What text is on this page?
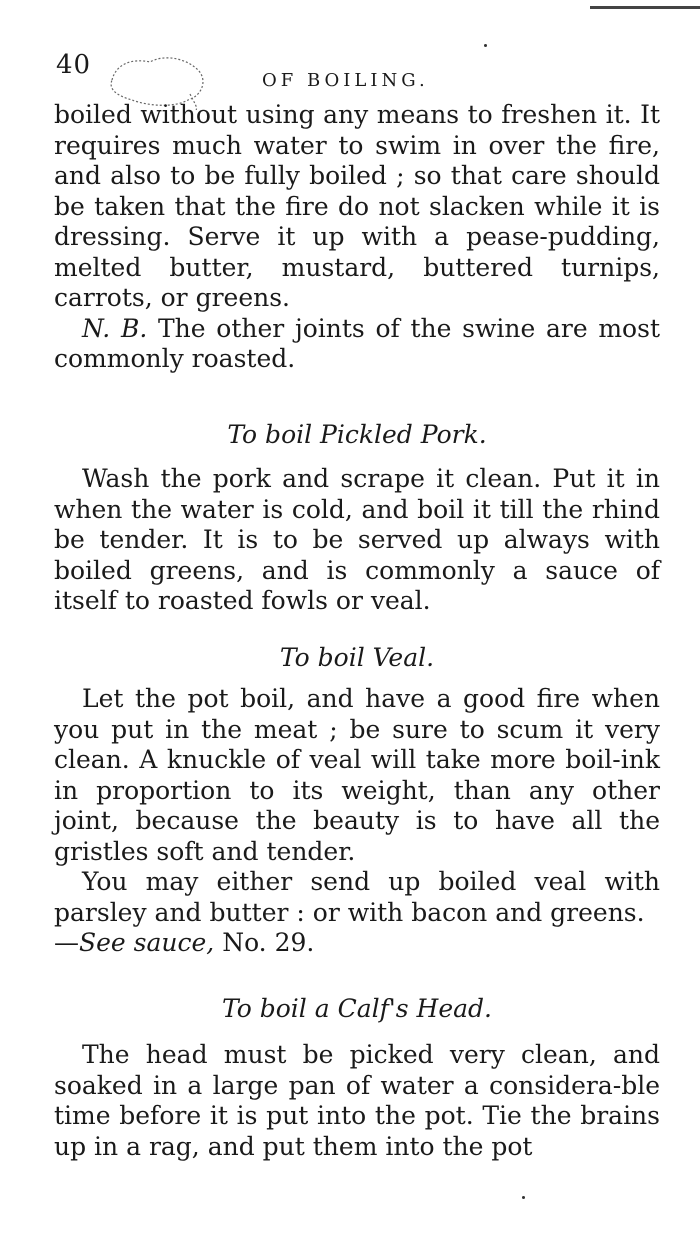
40
OF BOILING.

boiled without using any means to freshen it. It requires much water to swim in over the fire, and also to be fully boiled ; so that care should be taken that the fire do not slacken while it is dressing. Serve it up with a pease-pudding, melted butter, mustard, buttered turnips, carrots, or greens.

N. B. The other joints of the swine are most commonly roasted.

To boil Pickled Pork.

Wash the pork and scrape it clean. Put it in when the water is cold, and boil it till the rhind be tender. It is to be served up always with boiled greens, and is commonly a sauce of itself to roasted fowls or veal.

To boil Veal.

Let the pot boil, and have a good fire when you put in the meat ; be sure to scum it very clean. A knuckle of veal will take more boil-ink in proportion to its weight, than any other joint, because the beauty is to have all the gristles soft and tender.

You may either send up boiled veal with parsley and butter : or with bacon and greens.
—See sauce, No. 29.

To boil a Calf's Head.

The head must be picked very clean, and soaked in a large pan of water a considera-ble time before it is put into the pot. Tie the brains up in a rag, and put them into the pot
